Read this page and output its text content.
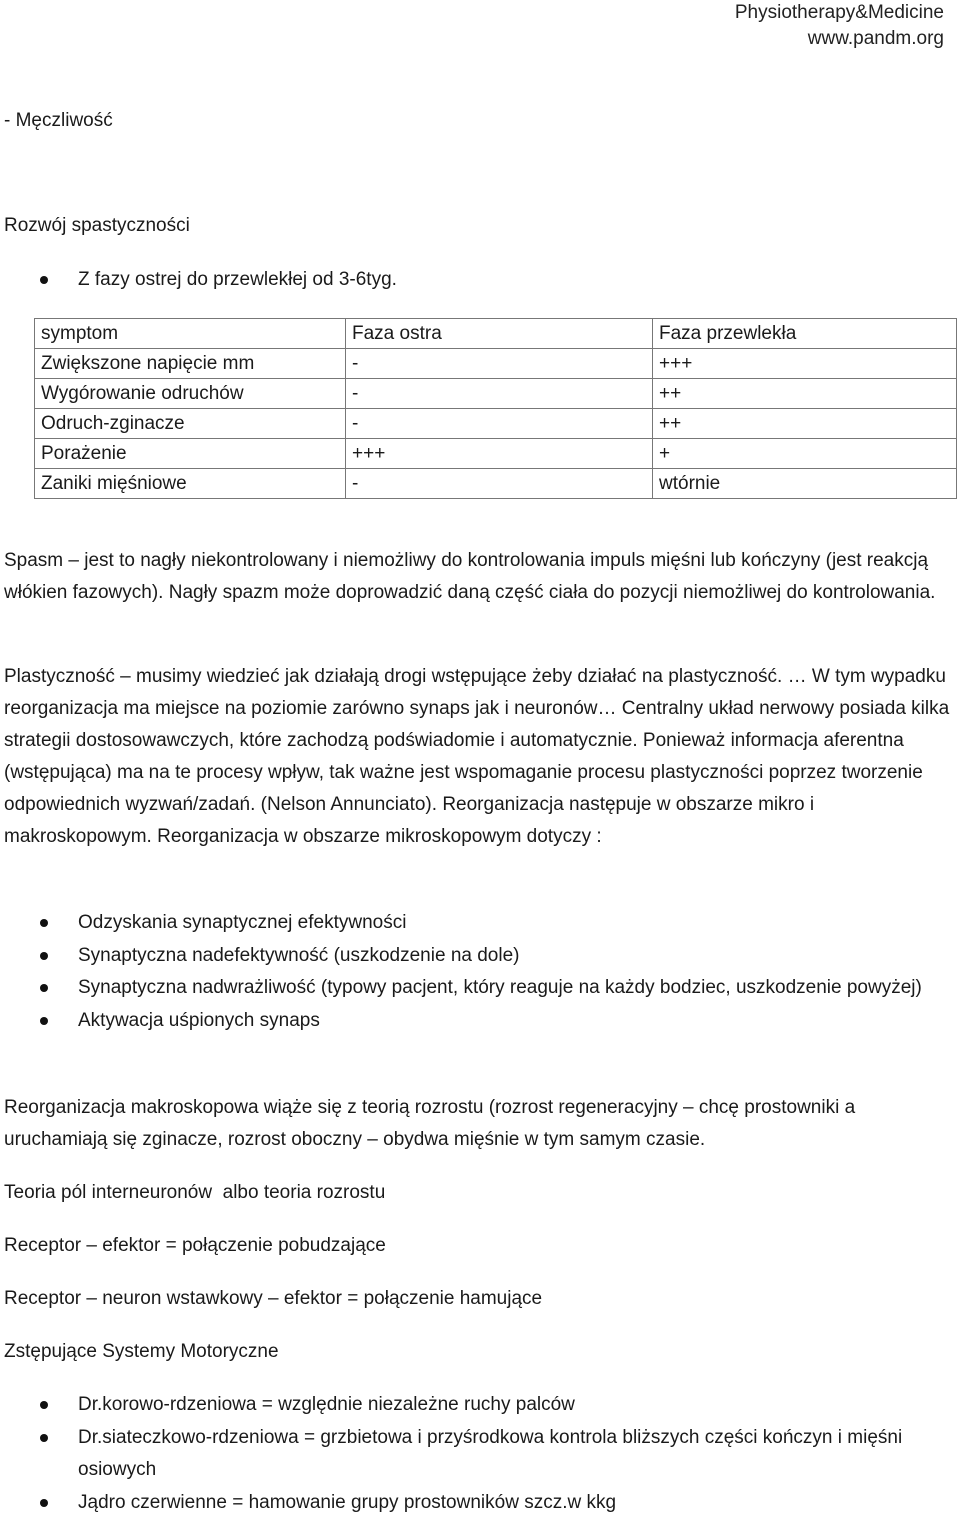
Physiotherapy&Medicine
www.pandm.org

- Męczliwość

Rozwój spastyczności

Z fazy ostrej do przewlekłej od 3-6tyg.
symptom	Faza ostra	Faza przewlekła
Zwiększone napięcie mm	-	+++
Wygórowanie odruchów	-	++
Odruch-zginacze	-	++
Porażenie	+++	+
Zaniki mięśniowe	-	wtórnie

Spasm – jest to nagły niekontrolowany i niemożliwy do kontrolowania impuls mięśni lub kończyny (jest reakcją włókien fazowych). Nagły spazm może doprowadzić daną część ciała do pozycji niemożliwej do kontrolowania.

Plastyczność – musimy wiedzieć jak działają drogi wstępujące żeby działać na plastyczność. … W tym wypadku reorganizacja ma miejsce na poziomie zarówno synaps jak i neuronów… Centralny układ nerwowy posiada kilka strategii dostosowawczych, które zachodzą podświadomie i automatycznie. Ponieważ informacja aferentna (wstępująca) ma na te procesy wpływ, tak ważne jest wspomaganie procesu plastyczności poprzez tworzenie odpowiednich wyzwań/zadań. (Nelson Annunciato). Reorganizacja następuje w obszarze mikro i makroskopowym. Reorganizacja w obszarze mikroskopowym dotyczy :

Odzyskania synaptycznej efektywności
Synaptyczna nadefektywność (uszkodzenie na dole)
Synaptyczna nadwrażliwość (typowy pacjent, który reaguje na każdy bodziec, uszkodzenie powyżej)
Aktywacja uśpionych synaps

Reorganizacja makroskopowa wiąże się z teorią rozrostu (rozrost regeneracyjny – chcę prostowniki a uruchamiają się zginacze, rozrost oboczny – obydwa mięśnie w tym samym czasie.

Teoria pól interneuronów  albo teoria rozrostu

Receptor – efektor = połączenie pobudzające

Receptor – neuron wstawkowy – efektor = połączenie hamujące

Zstępujące Systemy Motoryczne

Dr.korowo-rdzeniowa = względnie niezależne ruchy palców
Dr.siateczkowo-rdzeniowa = grzbietowa i przyśrodkowa kontrola bliższych części kończyn i mięśni osiowych
Jądro czerwienne = hamowanie grupy prostowników szcz.w kkg
